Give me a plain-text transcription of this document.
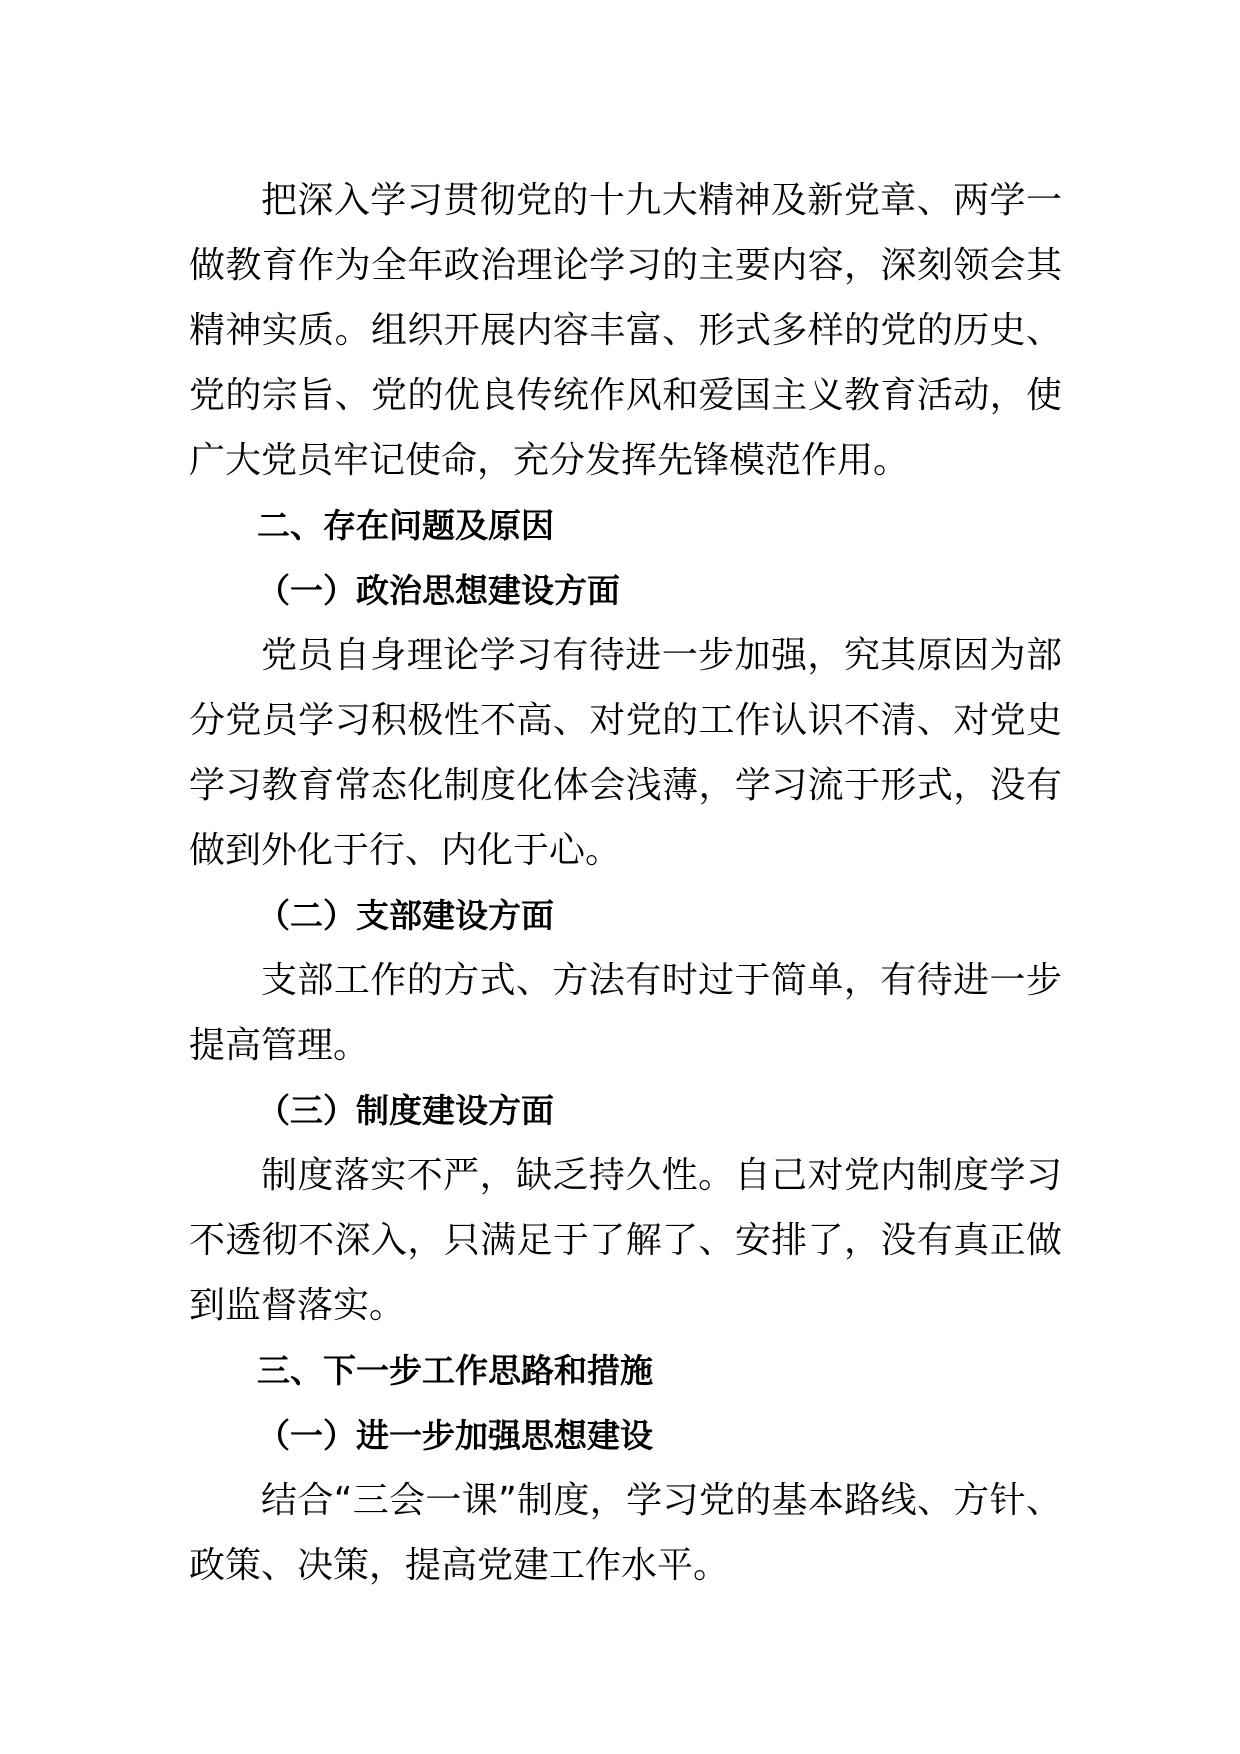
把深入学习贯彻党的十九大精神及新党章、两学一做教育作为全年政治理论学习的主要内容，深刻领会其精神实质。组织开展内容丰富、形式多样的党的历史、党的宗旨、党的优良传统作风和爱国主义教育活动，使广大党员牢记使命，充分发挥先锋模范作用。

二、存在问题及原因
（一）政治思想建设方面

党员自身理论学习有待进一步加强，究其原因为部分党员学习积极性不高、对党的工作认识不清、对党史学习教育常态化制度化体会浅薄，学习流于形式，没有做到外化于行、内化于心。

（二）支部建设方面

支部工作的方式、方法有时过于简单，有待进一步提高管理。

（三）制度建设方面

制度落实不严，缺乏持久性。自己对党内制度学习不透彻不深入，只满足于了解了、安排了，没有真正做到监督落实。

三、下一步工作思路和措施
（一）进一步加强思想建设

结合“三会一课”制度，学习党的基本路线、方针、政策、决策，提高党建工作水平。
